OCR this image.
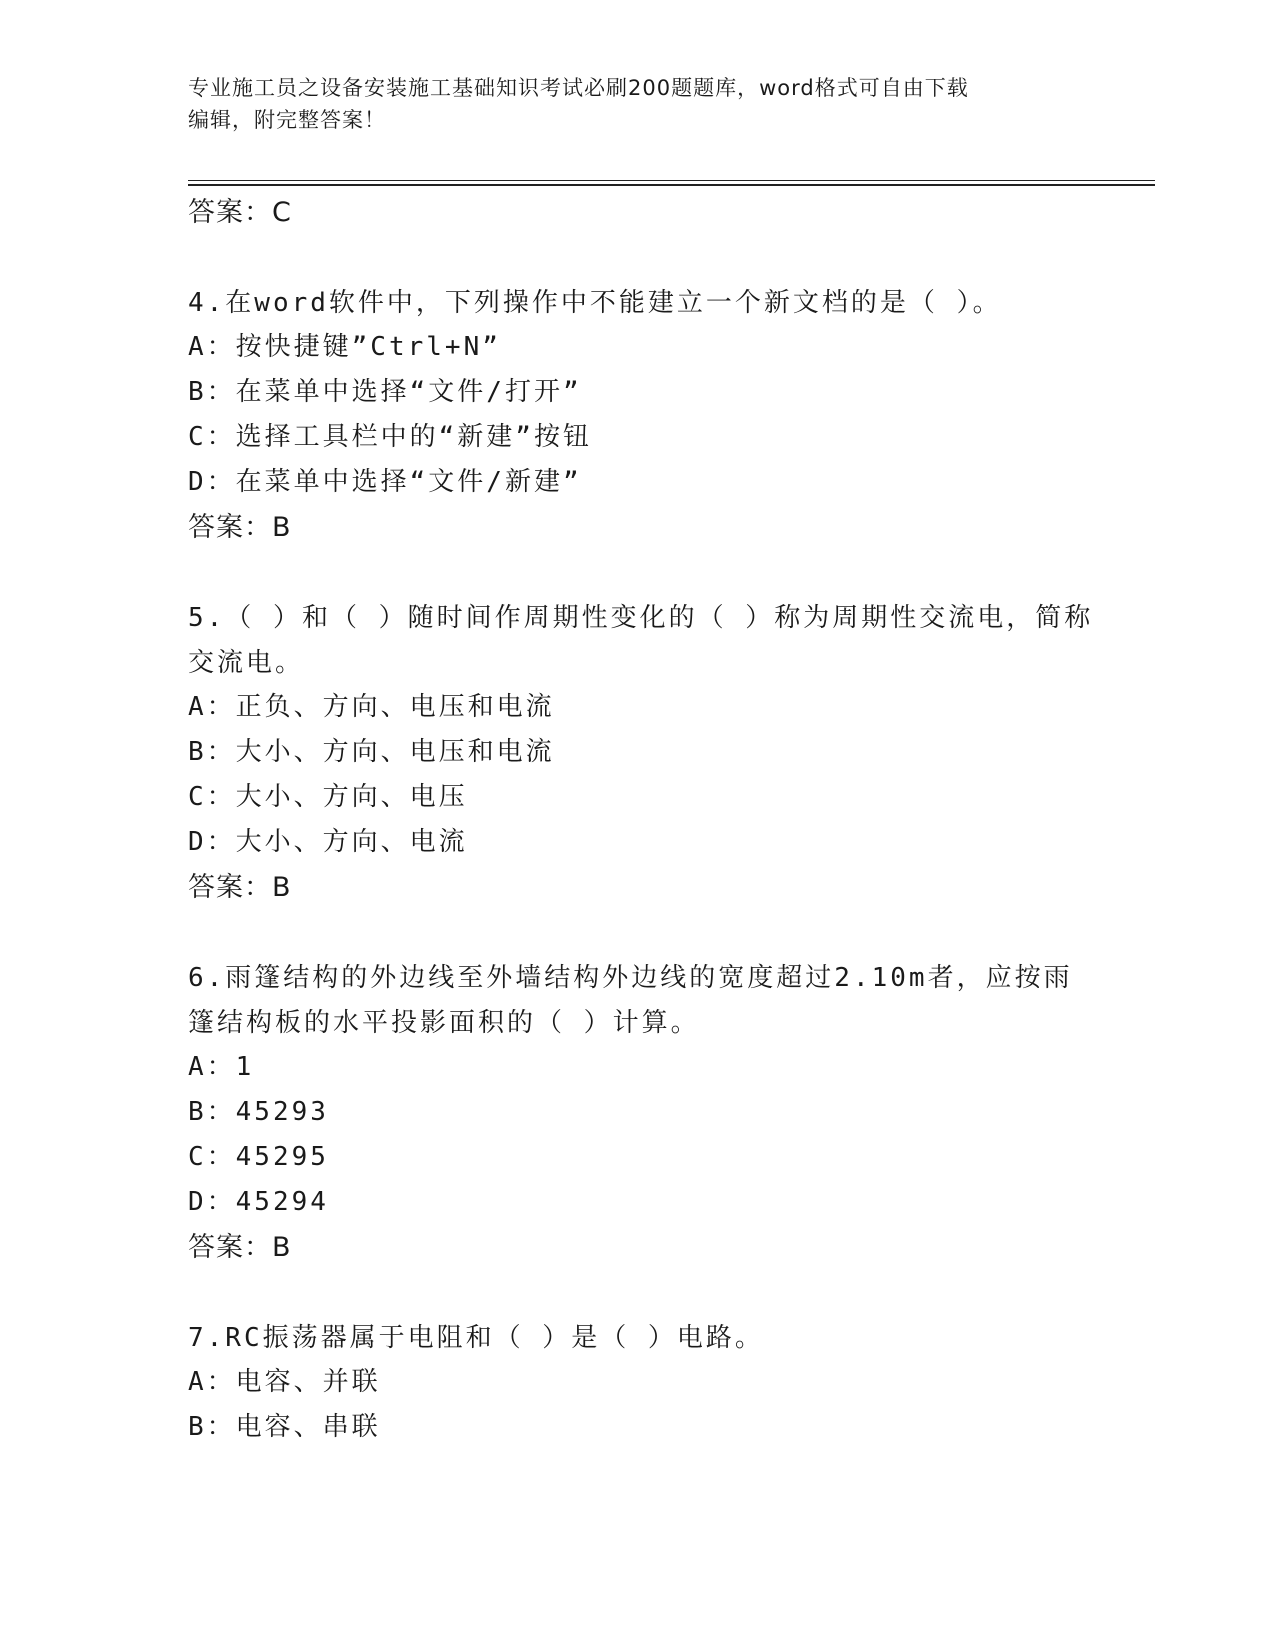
专业施工员之设备安装施工基础知识考试必刷200题题库，word格式可自由下载
编辑，附完整答案！
答案：C
4.在word软件中，下列操作中不能建立一个新文档的是（ ）。
A：按快捷键”Ctrl+N”
B：在菜单中选择“文件/打开”
C：选择工具栏中的“新建”按钮
D：在菜单中选择“文件/新建”
答案：B
5.（ ）和（ ）随时间作周期性变化的（ ）称为周期性交流电，简称
交流电。
A：正负、方向、电压和电流
B：大小、方向、电压和电流
C：大小、方向、电压
D：大小、方向、电流
答案：B
6.雨篷结构的外边线至外墙结构外边线的宽度超过2.10m者，应按雨
篷结构板的水平投影面积的（ ）计算。
A：1
B：45293
C：45295
D：45294
答案：B
7.RC振荡器属于电阻和（ ）是（ ）电路。
A：电容、并联
B：电容、串联
